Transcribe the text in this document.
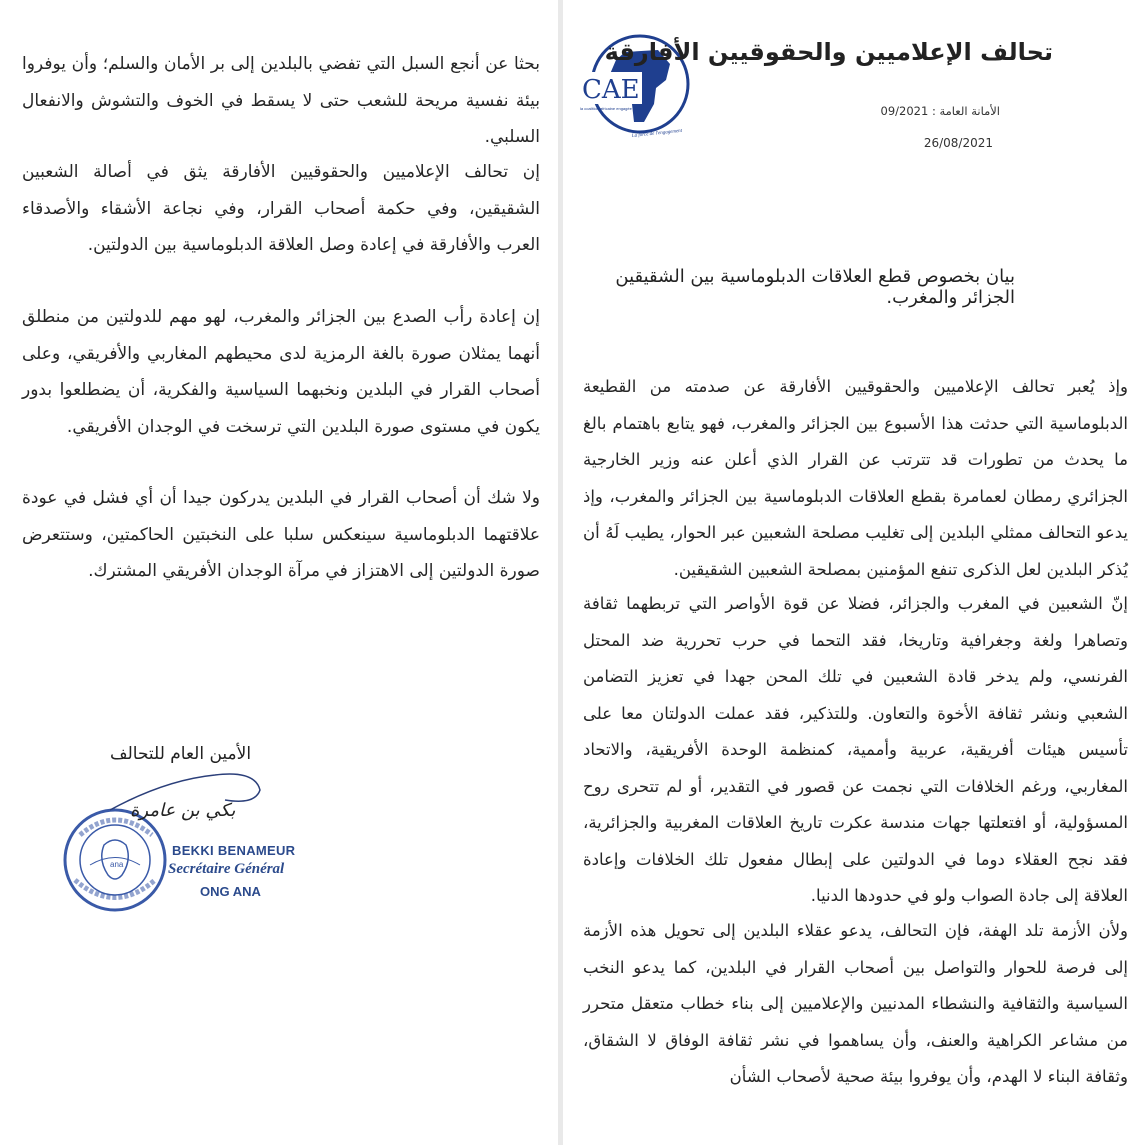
بحثا عن أنجع السبل التي تفضي بالبلدين إلى بر الأمان والسلم؛ وأن يوفروا بيئة نفسية مريحة للشعب حتى لا يسقط في الخوف والتشوش والانفعال السلبي.

إن تحالف الإعلاميين والحقوقيين الأفارقة يثق في أصالة الشعبين الشقيقين، وفي حكمة أصحاب القرار، وفي نجاعة الأشقاء والأصدقاء العرب والأفارقة في إعادة وصل العلاقة الدبلوماسية بين الدولتين.

إن إعادة رأب الصدع بين الجزائر والمغرب، لهو مهم للدولتين من منطلق أنهما يمثلان صورة بالغة الرمزية لدى محيطهم المغاربي والأفريقي، وعلى أصحاب القرار في البلدين ونخبهما السياسية والفكرية، أن يضطلعوا بدور يكون في مستوى صورة البلدين التي ترسخت في الوجدان الأفريقي.

ولا شك أن أصحاب القرار في البلدين يدركون جيدا أن أي فشل في عودة علاقتهما الدبلوماسية سينعكس سلبا على النخبتين الحاكمتين، وستتعرض صورة الدولتين إلى الاهتزاز في مرآة الوجدان الأفريقي المشترك.

الأمين العام للتحالف
ana
بكي بن عامرة
BEKKI BENAMEUR
Secrétaire Général
ONG ANA
CAE
la coalition africaine engagée
La force de l'engagement
تحالف الإعلاميين والحقوقيين الأفارقة
الأمانة العامة : 09/2021
26/08/2021
بيان بخصوص قطع العلاقات الدبلوماسية بين الشقيقين الجزائر والمغرب.

وإذ يُعبر تحالف الإعلاميين والحقوقيين الأفارقة عن صدمته من القطيعة الدبلوماسية التي حدثت هذا الأسبوع بين الجزائر والمغرب، فهو يتابع باهتمام بالغ ما يحدث من تطورات قد تترتب عن القرار الذي أعلن عنه وزير الخارجية الجزائري رمطان لعمامرة بقطع العلاقات الدبلوماسية بين الجزائر والمغرب، وإذ يدعو التحالف ممثلي البلدين إلى تغليب مصلحة الشعبين عبر الحوار، يطيب لَهُ أن يُذكر البلدين لعل الذكرى تنفع المؤمنين بمصلحة الشعبين الشقيقين.

إنّ الشعبين في المغرب والجزائر، فضلا عن قوة الأواصر التي تربطهما ثقافة وتصاهرا ولغة وجغرافية وتاريخا، فقد التحما في حرب تحررية ضد المحتل الفرنسي، ولم يدخر قادة الشعبين في تلك المحن جهدا في تعزيز التضامن الشعبي ونشر ثقافة الأخوة والتعاون. وللتذكير، فقد عملت الدولتان معا على تأسيس هيئات أفريقية، عربية وأممية، كمنظمة الوحدة الأفريقية، والاتحاد المغاربي، ورغم الخلافات التي نجمت عن قصور في التقدير، أو لم تتحرى روح المسؤولية، أو افتعلتها جهات مندسة عكرت تاريخ العلاقات المغربية والجزائرية، فقد نجح العقلاء دوما في الدولتين على إبطال مفعول تلك الخلافات وإعادة العلاقة إلى جادة الصواب ولو في حدودها الدنيا.

ولأن الأزمة تلد الهفة، فإن التحالف، يدعو عقلاء البلدين إلى تحويل هذه الأزمة إلى فرصة للحوار والتواصل بين أصحاب القرار في البلدين، كما يدعو النخب السياسية والثقافية والنشطاء المدنيين والإعلاميين إلى بناء خطاب متعقل متحرر من مشاعر الكراهية والعنف، وأن يساهموا في نشر ثقافة الوفاق لا الشقاق، وثقافة البناء لا الهدم، وأن يوفروا بيئة صحية لأصحاب الشأن
